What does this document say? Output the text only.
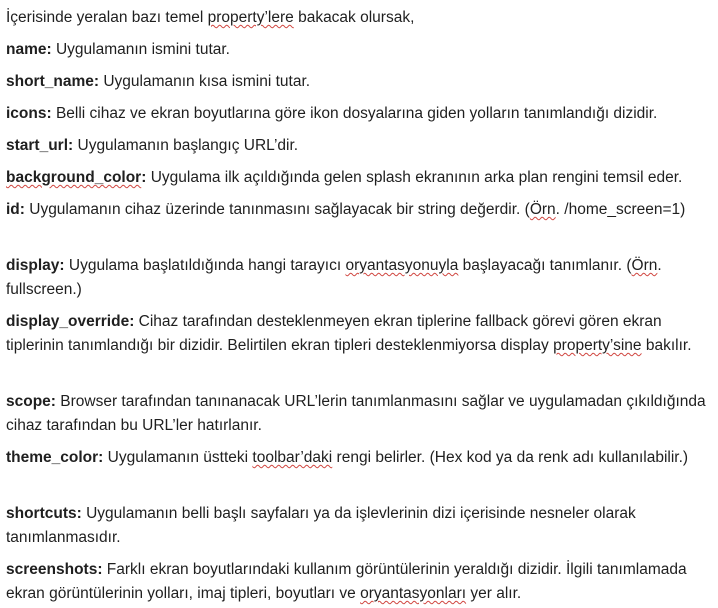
İçerisinde yeralan bazı temel property’lere bakacak olursak,

name: Uygulamanın ismini tutar.

short_name: Uygulamanın kısa ismini tutar.

icons: Belli cihaz ve ekran boyutlarına göre ikon dosyalarına giden yolların tanımlandığı dizidir.

start_url: Uygulamanın başlangıç URL’dir.

background_color: Uygulama ilk açıldığında gelen splash ekranının arka plan rengini temsil eder.

id: Uygulamanın cihaz üzerinde tanınmasını sağlayacak bir string değerdir. (Örn. /home_screen=1)

display: Uygulama başlatıldığında hangi tarayıcı oryantasyonuyla başlayacağı tanımlanır. (Örn. fullscreen.)

display_override: Cihaz tarafından desteklenmeyen ekran tiplerine fallback görevi gören ekran tiplerinin tanımlandığı bir dizidir. Belirtilen ekran tipleri desteklenmiyorsa display property’sine bakılır.

scope: Browser tarafından tanınanacak URL’lerin tanımlanmasını sağlar ve uygulamadan çıkıldığında cihaz tarafından bu URL’ler hatırlanır.

theme_color: Uygulamanın üstteki toolbar’daki rengi belirler. (Hex kod ya da renk adı kullanılabilir.)

shortcuts: Uygulamanın belli başlı sayfaları ya da işlevlerinin dizi içerisinde nesneler olarak tanımlanmasıdır.

screenshots: Farklı ekran boyutlarındaki kullanım görüntülerinin yeraldığı dizidir. İlgili tanımlamada ekran görüntülerinin yolları, imaj tipleri, boyutları ve oryantasyonları yer alır.
